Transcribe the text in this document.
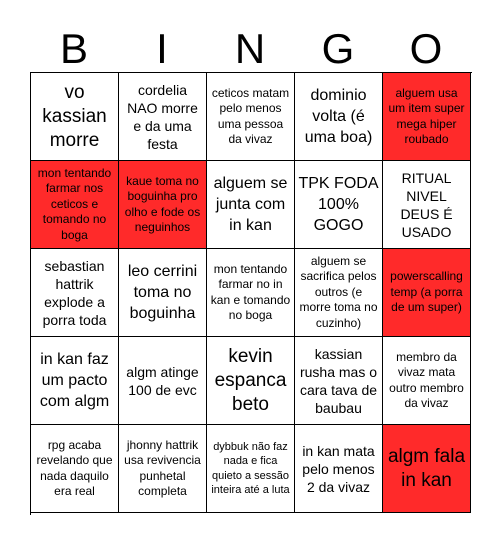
B	I	N	G	O
vo kassian morre
cordelia NAO morre e da uma festa
ceticos matam pelo menos uma pessoa da vivaz
dominio volta (é uma boa)
alguem usa um item super mega hiper roubado
mon tentando farmar nos ceticos e tomando no boga
kaue toma no boguinha pro olho e fode os neguinhos
alguem se junta com in kan
TPK FODA 100% GOGO
RITUAL NIVEL DEUS É USADO
sebastian hattrik explode a porra toda
leo cerrini toma no boguinha
mon tentando farmar no in kan e tomando no boga
alguem se sacrifica pelos outros (e morre toma no cuzinho)
powerscalling temp (a porra de um super)
in kan faz um pacto com algm
algm atinge 100 de evc
kevin espanca beto
kassian rusha mas o cara tava de baubau
membro da vivaz mata outro membro da vivaz
rpg acaba revelando que nada daquilo era real
jhonny hattrik usa revivencia punhetal completa
dybbuk não faz nada e fica quieto a sessão inteira até a luta
in kan mata pelo menos 2 da vivaz
algm fala in kan
